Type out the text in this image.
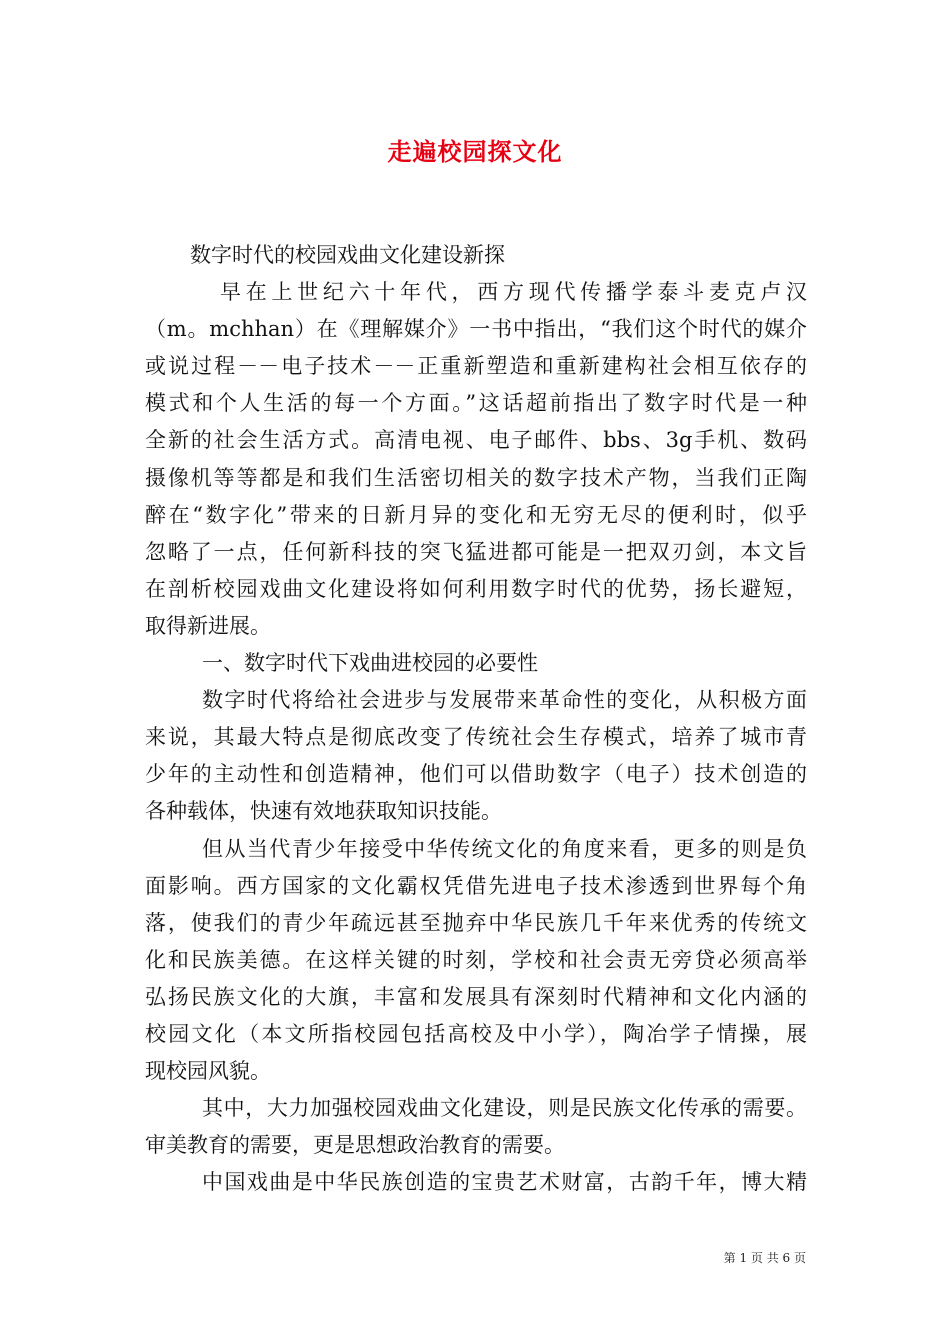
走遍校园探文化
数字时代的校园戏曲文化建设新探
早在上世纪六十年代，西方现代传播学泰斗麦克卢汉
（m。mchhan）在《理解媒介》一书中指出，“我们这个时代的媒介
或说过程－－电子技术－－正重新塑造和重新建构社会相互依存的
模式和个人生活的每一个方面。”这话超前指出了数字时代是一种
全新的社会生活方式。高清电视、电子邮件、bbs、3g手机、数码
摄像机等等都是和我们生活密切相关的数字技术产物，当我们正陶
醉在“数字化”带来的日新月异的变化和无穷无尽的便利时，似乎
忽略了一点，任何新科技的突飞猛进都可能是一把双刃剑，本文旨
在剖析校园戏曲文化建设将如何利用数字时代的优势，扬长避短，
取得新进展。
一、数字时代下戏曲进校园的必要性
数字时代将给社会进步与发展带来革命性的变化，从积极方面
来说，其最大特点是彻底改变了传统社会生存模式，培养了城市青
少年的主动性和创造精神，他们可以借助数字（电子）技术创造的
各种载体，快速有效地获取知识技能。
但从当代青少年接受中华传统文化的角度来看，更多的则是负
面影响。西方国家的文化霸权凭借先进电子技术渗透到世界每个角
落，使我们的青少年疏远甚至抛弃中华民族几千年来优秀的传统文
化和民族美德。在这样关键的时刻，学校和社会责无旁贷必须高举
弘扬民族文化的大旗，丰富和发展具有深刻时代精神和文化内涵的
校园文化（本文所指校园包括高校及中小学），陶冶学子情操，展
现校园风貌。
其中，大力加强校园戏曲文化建设，则是民族文化传承的需要。
审美教育的需要，更是思想政治教育的需要。
中国戏曲是中华民族创造的宝贵艺术财富，古韵千年，博大精
第 1 页 共 6 页
